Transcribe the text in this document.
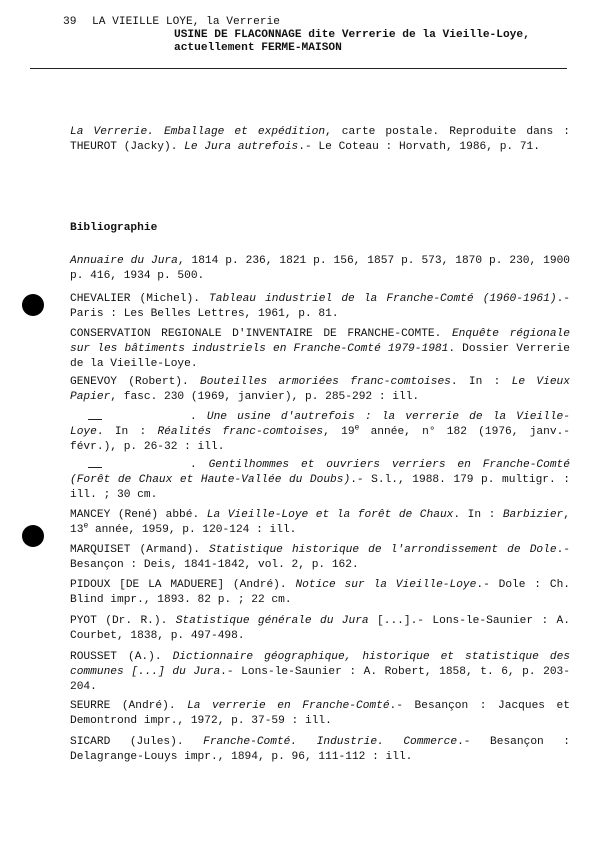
39 LA VIEILLE LOYE, la Verrerie
USINE DE FLACONNAGE dite Verrerie de la Vieille-Loye,
actuellement FERME-MAISON
La Verrerie. Emballage et expédition, carte postale. Reproduite dans : THEUROT (Jacky). Le Jura autrefois.- Le Coteau : Horvath, 1986, p. 71.
Bibliographie
Annuaire du Jura, 1814 p. 236, 1821 p. 156, 1857 p. 573, 1870 p. 230, 1900 p. 416, 1934 p. 500.
CHEVALIER (Michel). Tableau industriel de la Franche-Comté (1960-1961).- Paris : Les Belles Lettres, 1961, p. 81.
CONSERVATION REGIONALE D'INVENTAIRE DE FRANCHE-COMTE. Enquête régionale sur les bâtiments industriels en Franche-Comté 1979-1981. Dossier Verrerie de la Vieille-Loye.
GENEVOY (Robert). Bouteilles armoriées franc-comtoises. In : Le Vieux Papier, fasc. 230 (1969, janvier), p. 285-292 : ill.
. Une usine d'autrefois : la verrerie de la Vieille-Loye. In : Réalités franc-comtoises, 19e année, n° 182 (1976, janv.-févr.), p. 26-32 : ill.
. Gentilhommes et ouvriers verriers en Franche-Comté (Forêt de Chaux et Haute-Vallée du Doubs).- S.l., 1988. 179 p. multigr. : ill. ; 30 cm.
MANCEY (René) abbé. La Vieille-Loye et la forêt de Chaux. In : Barbizier, 13e année, 1959, p. 120-124 : ill.
MARQUISET (Armand). Statistique historique de l'arrondissement de Dole.- Besançon : Deis, 1841-1842, vol. 2, p. 162.
PIDOUX [DE LA MADUERE] (André). Notice sur la Vieille-Loye.- Dole : Ch. Blind impr., 1893. 82 p. ; 22 cm.
PYOT (Dr. R.). Statistique générale du Jura [...].- Lons-le-Saunier : A. Courbet, 1838, p. 497-498.
ROUSSET (A.). Dictionnaire géographique, historique et statistique des communes [...] du Jura.- Lons-le-Saunier : A. Robert, 1858, t. 6, p. 203-204.
SEURRE (André). La verrerie en Franche-Comté.- Besançon : Jacques et Demontrond impr., 1972, p. 37-59 : ill.
SICARD (Jules). Franche-Comté. Industrie. Commerce.- Besançon : Delagrange-Louys impr., 1894, p. 96, 111-112 : ill.
